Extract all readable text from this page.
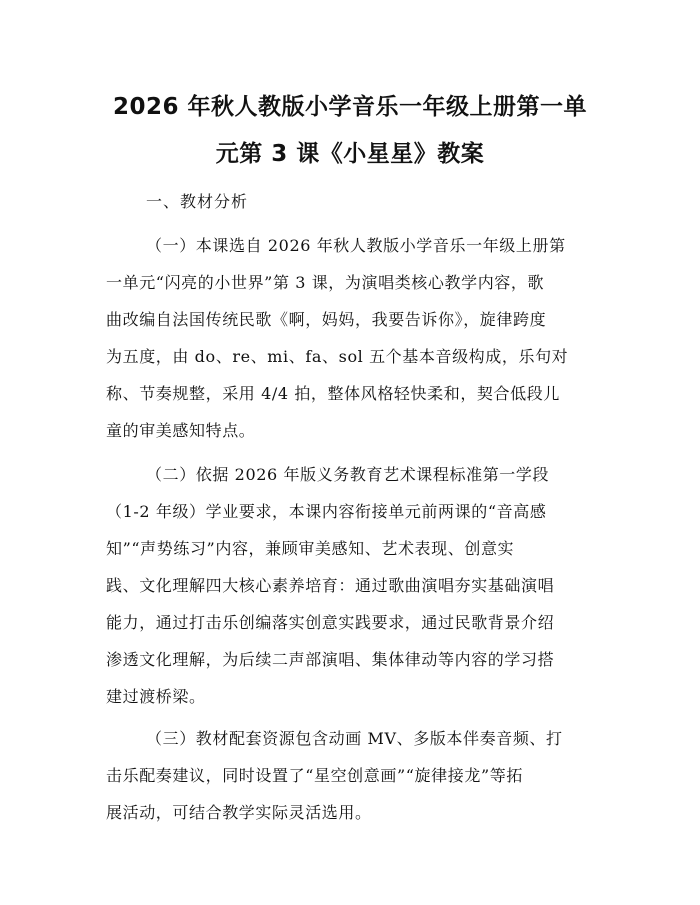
2026 年秋人教版小学音乐一年级上册第一单
元第 3 课《小星星》教案
一、教材分析
（一）本课选自 2026 年秋人教版小学音乐一年级上册第
一单元“闪亮的小世界”第 3 课，为演唱类核心教学内容，歌
曲改编自法国传统民歌《啊，妈妈，我要告诉你》，旋律跨度
为五度，由 do、re、mi、fa、sol 五个基本音级构成，乐句对
称、节奏规整，采用 4/4 拍，整体风格轻快柔和，契合低段儿
童的审美感知特点。
（二）依据 2026 年版义务教育艺术课程标准第一学段
（1-2 年级）学业要求，本课内容衔接单元前两课的“音高感
知”“声势练习”内容，兼顾审美感知、艺术表现、创意实
践、文化理解四大核心素养培育：通过歌曲演唱夯实基础演唱
能力，通过打击乐创编落实创意实践要求，通过民歌背景介绍
渗透文化理解，为后续二声部演唱、集体律动等内容的学习搭
建过渡桥梁。
（三）教材配套资源包含动画 MV、多版本伴奏音频、打
击乐配奏建议，同时设置了“星空创意画”“旋律接龙”等拓
展活动，可结合教学实际灵活选用。
